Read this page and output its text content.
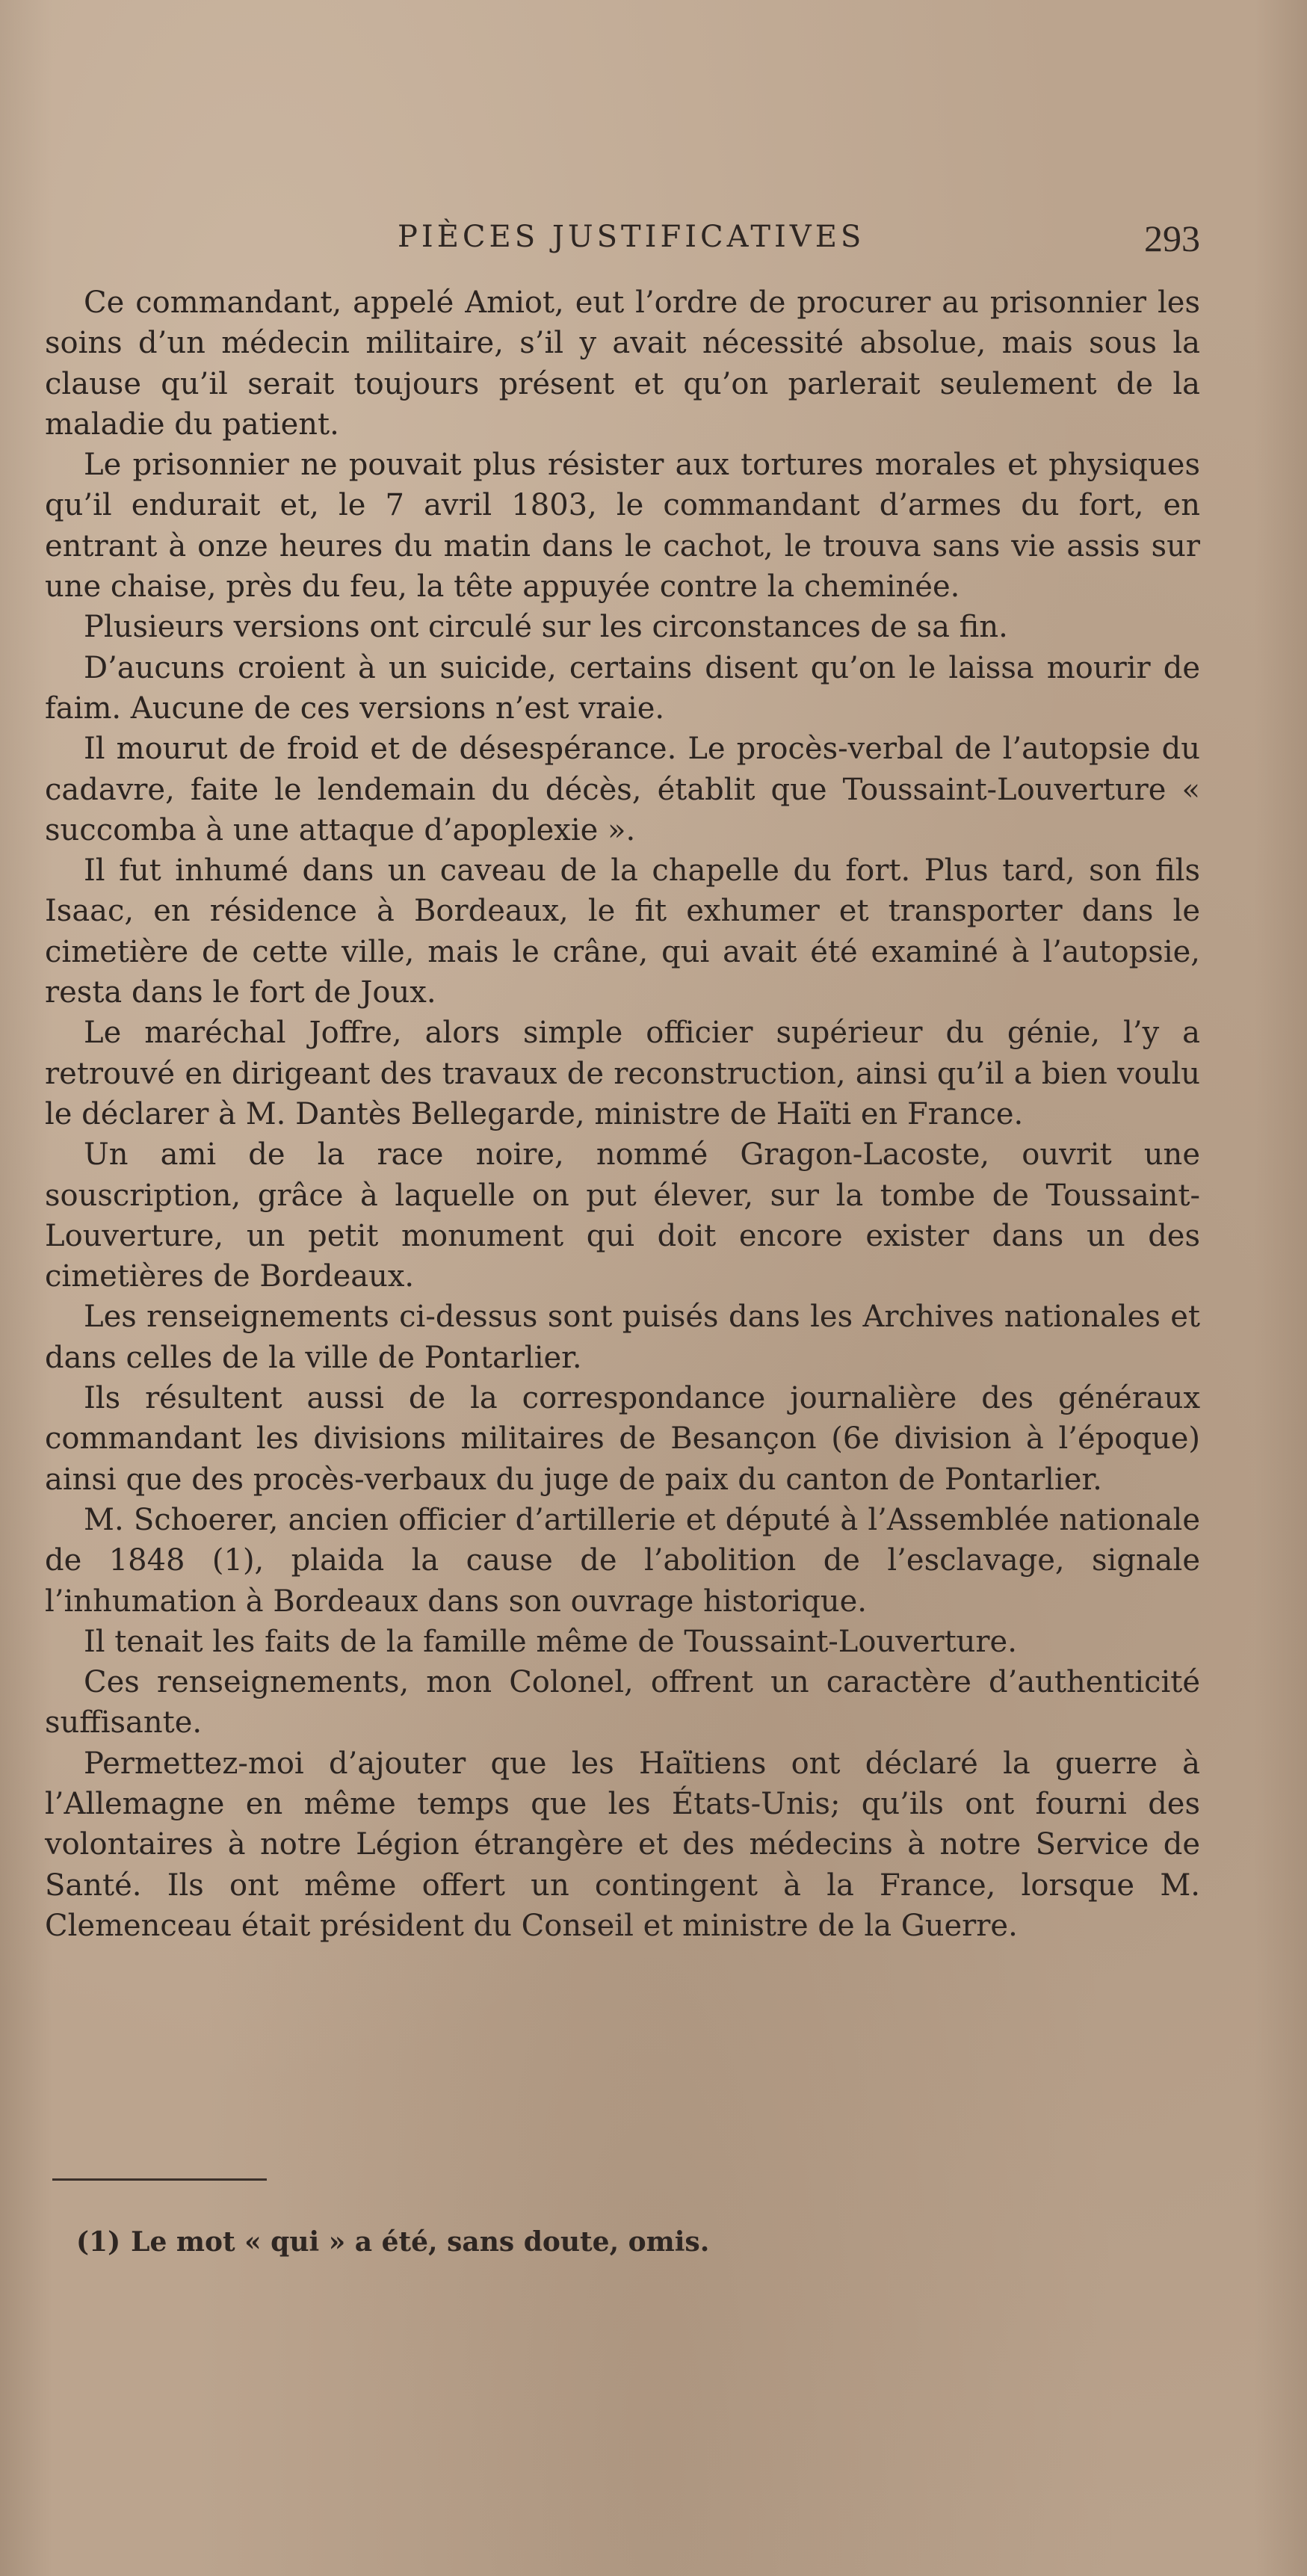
PIÈCES JUSTIFICATIVES	293

Ce commandant, appelé Amiot, eut l’ordre de procurer au prisonnier les soins d’un médecin militaire, s’il y avait nécessité absolue, mais sous la clause qu’il serait toujours présent et qu’on parlerait seulement de la maladie du patient.

Le prisonnier ne pouvait plus résister aux tortures morales et physiques qu’il endurait et, le 7 avril 1803, le commandant d’armes du fort, en entrant à onze heures du matin dans le cachot, le trouva sans vie assis sur une chaise, près du feu, la tête appuyée contre la cheminée.

Plusieurs versions ont circulé sur les circonstances de sa fin.

D’aucuns croient à un suicide, certains disent qu’on le laissa mourir de faim. Aucune de ces versions n’est vraie.

Il mourut de froid et de désespérance. Le procès-verbal de l’autopsie du cadavre, faite le lendemain du décès, établit que Toussaint-Louverture « succomba à une attaque d’apoplexie ».

Il fut inhumé dans un caveau de la chapelle du fort. Plus tard, son fils Isaac, en résidence à Bordeaux, le fit exhumer et transporter dans le cimetière de cette ville, mais le crâne, qui avait été examiné à l’autopsie, resta dans le fort de Joux.

Le maréchal Joffre, alors simple officier supérieur du génie, l’y a retrouvé en dirigeant des travaux de reconstruction, ainsi qu’il a bien voulu le déclarer à M. Dantès Bellegarde, ministre de Haïti en France.

Un ami de la race noire, nommé Gragon-Lacoste, ouvrit une souscription, grâce à laquelle on put élever, sur la tombe de Toussaint-Louverture, un petit monument qui doit encore exister dans un des cimetières de Bordeaux.

Les renseignements ci-dessus sont puisés dans les Archives nationales et dans celles de la ville de Pontarlier.

Ils résultent aussi de la correspondance journalière des généraux commandant les divisions militaires de Besançon (6e division à l’époque) ainsi que des procès-verbaux du juge de paix du canton de Pontarlier.

M. Schoerer, ancien officier d’artillerie et député à l’Assemblée nationale de 1848 (1), plaida la cause de l’abolition de l’esclavage, signale l’inhumation à Bordeaux dans son ouvrage historique.

Il tenait les faits de la famille même de Toussaint-Louverture.

Ces renseignements, mon Colonel, offrent un caractère d’authenticité suffisante.

Permettez-moi d’ajouter que les Haïtiens ont déclaré la guerre à l’Allemagne en même temps que les États-Unis; qu’ils ont fourni des volontaires à notre Légion étrangère et des médecins à notre Service de Santé. Ils ont même offert un contingent à la France, lorsque M. Clemenceau était président du Conseil et ministre de la Guerre.

(1) Le mot « qui » a été, sans doute, omis.
